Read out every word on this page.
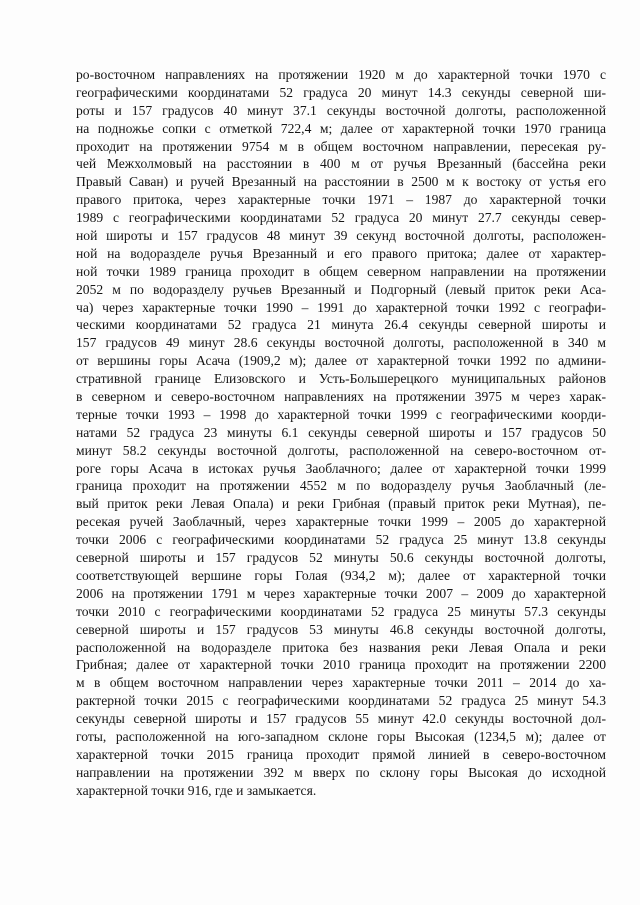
ро-восточном направлениях на протяжении 1920 м до характерной точки 1970 с
географическими координатами 52 градуса 20 минут 14.3 секунды северной ши-
роты и 157 градусов 40 минут 37.1 секунды восточной долготы, расположенной
на подножье сопки с отметкой 722,4 м; далее от характерной точки 1970 граница
проходит на протяжении 9754 м в общем восточном направлении, пересекая ру-
чей Межхолмовый на расстоянии в 400 м от ручья Врезанный (бассейна реки
Правый Саван) и ручей Врезанный на расстоянии в 2500 м к востоку от устья его
правого притока, через характерные точки 1971 – 1987 до характерной точки
1989 с географическими координатами 52 градуса 20 минут 27.7 секунды север-
ной широты и 157 градусов 48 минут 39 секунд восточной долготы, расположен-
ной на водоразделе ручья Врезанный и его правого притока; далее от характер-
ной точки 1989 граница проходит в общем северном направлении на протяжении
2052 м по водоразделу ручьев Врезанный и Подгорный (левый приток реки Аса-
ча) через характерные точки 1990 – 1991 до характерной точки 1992 с географи-
ческими координатами 52 градуса 21 минута 26.4 секунды северной широты и
157 градусов 49 минут 28.6 секунды восточной долготы, расположенной в 340 м
от вершины горы Асача (1909,2 м); далее от характерной точки 1992 по админи-
стративной границе Елизовского и Усть-Большерецкого муниципальных районов
в северном и северо-восточном направлениях на протяжении 3975 м через харак-
терные точки 1993 – 1998 до характерной точки 1999 с географическими коорди-
натами 52 градуса 23 минуты 6.1 секунды северной широты и 157 градусов 50
минут 58.2 секунды восточной долготы, расположенной на северо-восточном от-
роге горы Асача в истоках ручья Заоблачного; далее от характерной точки 1999
граница проходит на протяжении 4552 м по водоразделу ручья Заоблачный (ле-
вый приток реки Левая Опала) и реки Грибная (правый приток реки Мутная), пе-
ресекая ручей Заоблачный, через характерные точки 1999 – 2005 до характерной
точки 2006 с географическими координатами 52 градуса 25 минут 13.8 секунды
северной широты и 157 градусов 52 минуты 50.6 секунды восточной долготы,
соответствующей вершине горы Голая (934,2 м); далее от характерной точки
2006 на протяжении 1791 м через характерные точки 2007 – 2009 до характерной
точки 2010 с географическими координатами 52 градуса 25 минуты 57.3 секунды
северной широты и 157 градусов 53 минуты 46.8 секунды восточной долготы,
расположенной на водоразделе притока без названия реки Левая Опала и реки
Грибная; далее от характерной точки 2010 граница проходит на протяжении 2200
м в общем восточном направлении через характерные точки 2011 – 2014 до ха-
рактерной точки 2015 с географическими координатами 52 градуса 25 минут 54.3
секунды северной широты и 157 градусов 55 минут 42.0 секунды восточной дол-
готы, расположенной на юго-западном склоне горы Высокая (1234,5 м); далее от
характерной точки 2015 граница проходит прямой линией в северо-восточном
направлении на протяжении 392 м вверх по склону горы Высокая до исходной
характерной точки 916, где и замыкается.
